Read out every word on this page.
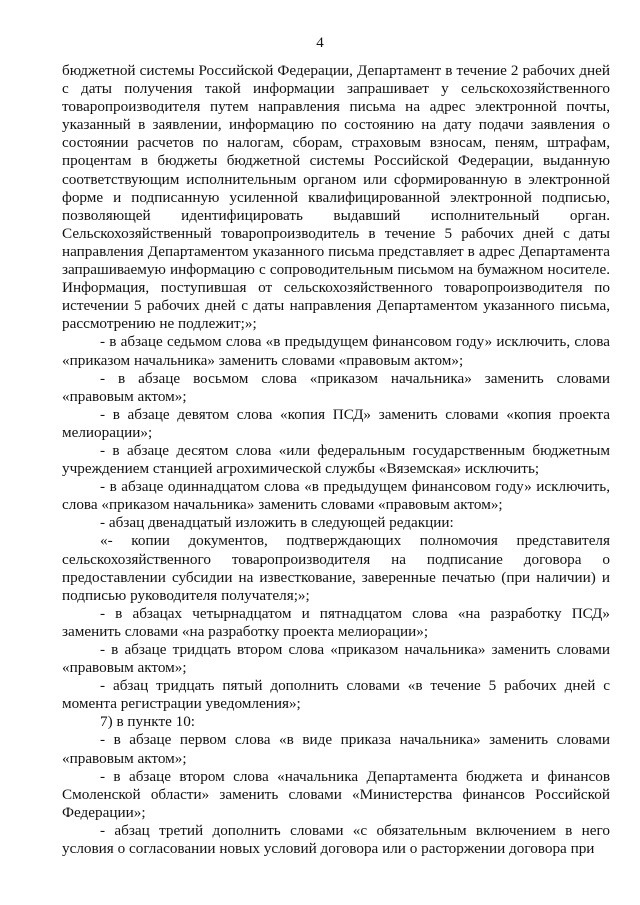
4

бюджетной системы Российской Федерации, Департамент в течение 2 рабочих дней с даты получения такой информации запрашивает у сельскохозяйственного товаропроизводителя путем направления письма на адрес электронной почты, указанный в заявлении, информацию по состоянию на дату подачи заявления о состоянии расчетов по налогам, сборам, страховым взносам, пеням, штрафам, процентам в бюджеты бюджетной системы Российской Федерации, выданную соответствующим исполнительным органом или сформированную в электронной форме и подписанную усиленной квалифицированной электронной подписью, позволяющей идентифицировать выдавший исполнительный орган. Сельскохозяйственный товаропроизводитель в течение 5 рабочих дней с даты направления Департаментом указанного письма представляет в адрес Департамента запрашиваемую информацию с сопроводительным письмом на бумажном носителе. Информация, поступившая от сельскохозяйственного товаропроизводителя по истечении 5 рабочих дней с даты направления Департаментом указанного письма, рассмотрению не подлежит;»;

- в абзаце седьмом слова «в предыдущем финансовом году» исключить, слова «приказом начальника» заменить словами «правовым актом»;

- в абзаце восьмом слова «приказом начальника» заменить словами «правовым актом»;

- в абзаце девятом слова «копия ПСД» заменить словами «копия проекта мелиорации»;

- в абзаце десятом слова «или федеральным государственным бюджетным учреждением станцией агрохимической службы «Вяземская» исключить;

- в абзаце одиннадцатом слова «в предыдущем финансовом году» исключить, слова «приказом начальника» заменить словами «правовым актом»;

- абзац двенадцатый изложить в следующей редакции:

«- копии документов, подтверждающих полномочия представителя сельскохозяйственного товаропроизводителя на подписание договора о предоставлении субсидии на известкование, заверенные печатью (при наличии) и подписью руководителя получателя;»;

- в абзацах четырнадцатом и пятнадцатом слова «на разработку ПСД» заменить словами «на разработку проекта мелиорации»;

- в абзаце тридцать втором слова «приказом начальника» заменить словами «правовым актом»;

- абзац тридцать пятый дополнить словами «в течение 5 рабочих дней с момента регистрации уведомления»;

7) в пункте 10:

- в абзаце первом слова «в виде приказа начальника» заменить словами «правовым актом»;

- в абзаце втором слова «начальника Департамента бюджета и финансов Смоленской области» заменить словами «Министерства финансов Российской Федерации»;

- абзац третий дополнить словами «с обязательным включением в него условия о согласовании новых условий договора или о расторжении договора при
